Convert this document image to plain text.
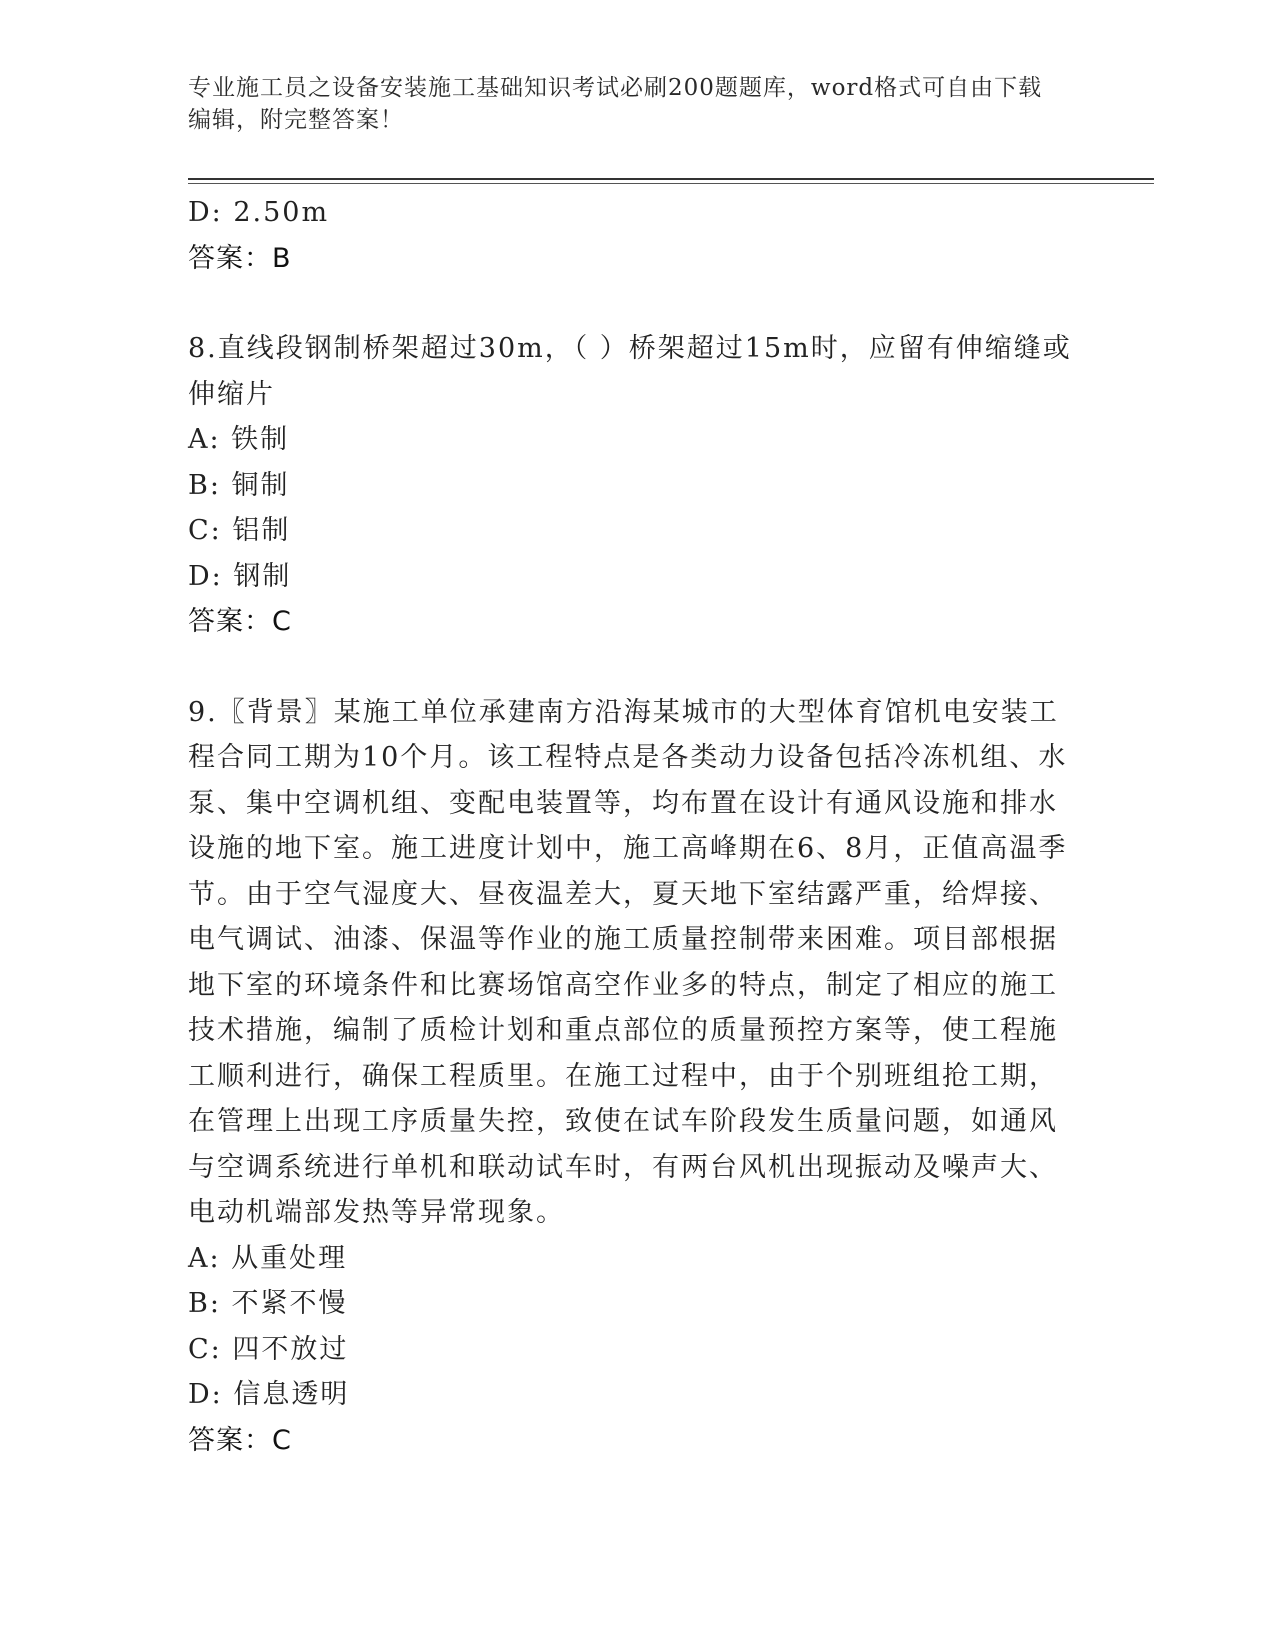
专业施工员之设备安装施工基础知识考试必刷200题题库，word格式可自由下载
编辑，附完整答案！
D: 2.50m
答案：B
8.直线段钢制桥架超过30m，（ ）桥架超过15m时，应留有伸缩缝或
伸缩片
A: 铁制
B: 铜制
C: 铝制
D: 钢制
答案：C
9.〖背景〗某施工单位承建南方沿海某城市的大型体育馆机电安装工
程合同工期为10个月。该工程特点是各类动力设备包括冷冻机组、水
泵、集中空调机组、变配电装置等，均布置在设计有通风设施和排水
设施的地下室。施工进度计划中，施工高峰期在6、8月，正值高温季
节。由于空气湿度大、昼夜温差大，夏天地下室结露严重，给焊接、
电气调试、油漆、保温等作业的施工质量控制带来困难。项目部根据
地下室的环境条件和比赛场馆高空作业多的特点，制定了相应的施工
技术措施，编制了质检计划和重点部位的质量预控方案等，使工程施
工顺利进行，确保工程质里。在施工过程中，由于个别班组抢工期，
在管理上出现工序质量失控，致使在试车阶段发生质量问题，如通风
与空调系统进行单机和联动试车时，有两台风机出现振动及噪声大、
电动机端部发热等异常现象。
A: 从重处理
B: 不紧不慢
C: 四不放过
D: 信息透明
答案：C
